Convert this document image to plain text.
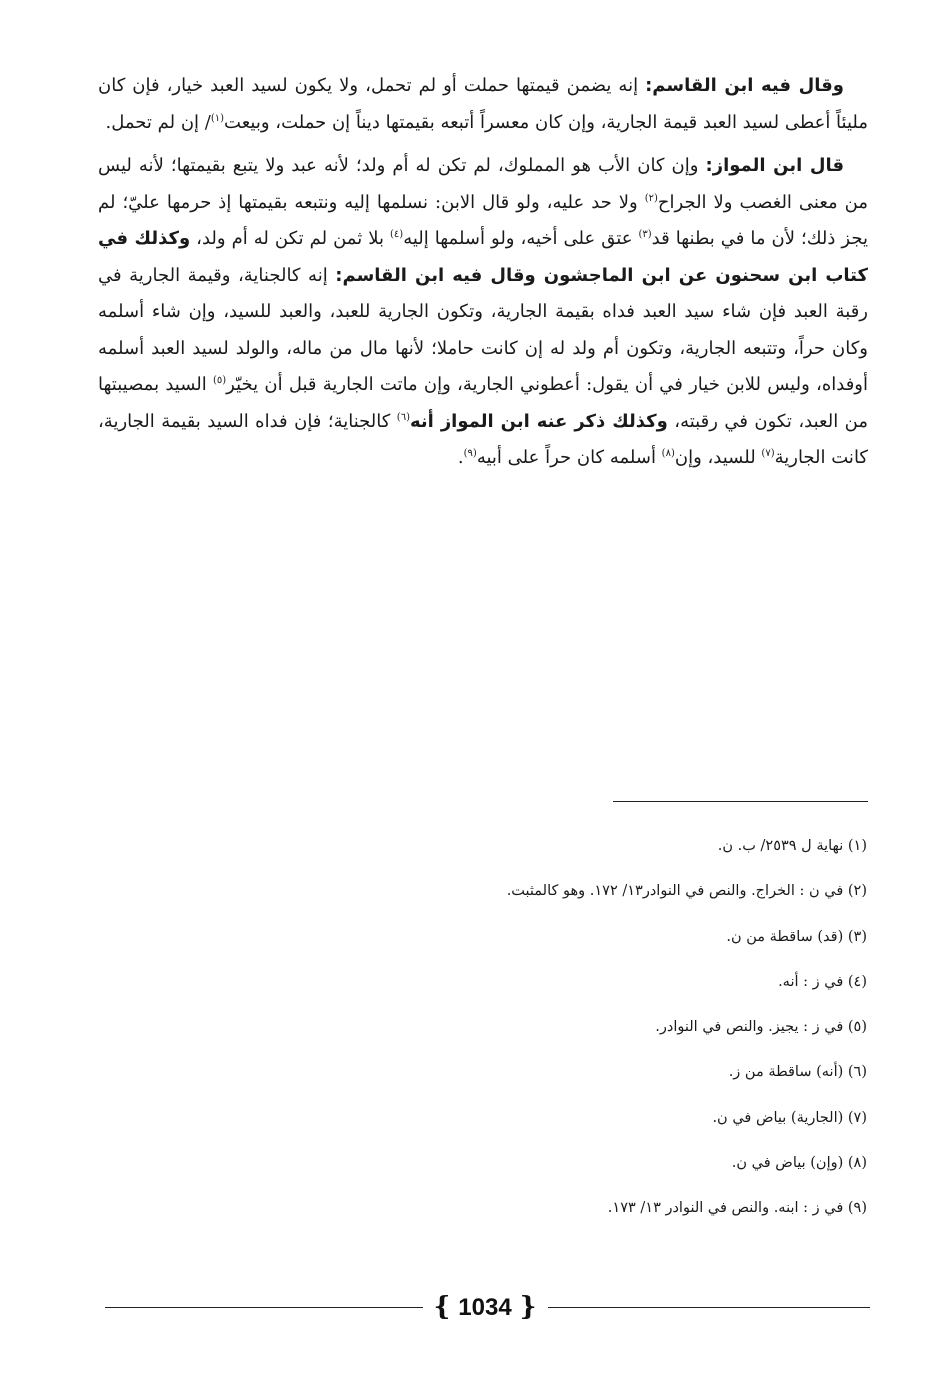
وقال فيه ابن القاسم: إنه يضمن قيمتها حملت أو لم تحمل، ولا يكون لسيد العبد خيار، فإن كان مليئاً أعطى لسيد العبد قيمة الجارية، وإن كان معسراً أتبعه بقيمتها ديناً إن حملت، وبيعت$^{(١)}$/ إن لم تحمل.

قال ابن المواز: وإن كان الأب هو المملوك، لم تكن له أم ولد؛ لأنه عبد ولا يتبع بقيمتها؛ لأنه ليس من معنى الغصب ولا الجراح$^{(٢)}$ ولا حد عليه، ولو قال الابن: نسلمها إليه ونتبعه بقيمتها إذ حرمها عليّ؛ لم يجز ذلك؛ لأن ما في بطنها قد$^{(٣)}$ عتق على أخيه، ولو أسلمها إليه$^{(٤)}$ بلا ثمن لم تكن له أم ولد، وكذلك في كتاب ابن سحنون عن ابن الماجشون وقال فيه ابن القاسم: إنه كالجناية، وقيمة الجارية في رقبة العبد فإن شاء سيد العبد فداه بقيمة الجارية، وتكون الجارية للعبد، والعبد للسيد، وإن شاء أسلمه وكان حراً، وتتبعه الجارية، وتكون أم ولد له إن كانت حاملا؛ لأنها مال من ماله، والولد لسيد العبد أسلمه أوفداه، وليس للابن خيار في أن يقول: أعطوني الجارية، وإن ماتت الجارية قبل أن يخيّر$^{(٥)}$ السيد بمصيبتها من العبد، تكون في رقبته، وكذلك ذكر عنه ابن المواز أنه$^{(٦)}$ كالجناية؛ فإن فداه السيد بقيمة الجارية، كانت الجارية$^{(٧)}$ للسيد، وإن$^{(٨)}$ أسلمه كان حراً على أبيه$^{(٩)}$.

(١) نهاية ل ٢٥٣٩/ ب. ن.
(٢) في ن : الخراج. والنص في النوادر١٣/ ١٧٢. وهو كالمثبت.
(٣) (قد) ساقطة من ن.
(٤) في ز : أنه.
(٥) في ز : يجيز. والنص في النوادر.
(٦) (أنه) ساقطة من ز.
(٧) (الجارية) بياض في ن.
(٨) (وإن) بياض في ن.
(٩) في ز : ابنه. والنص في النوادر ١٣/ ١٧٣.
{ 1034 }
